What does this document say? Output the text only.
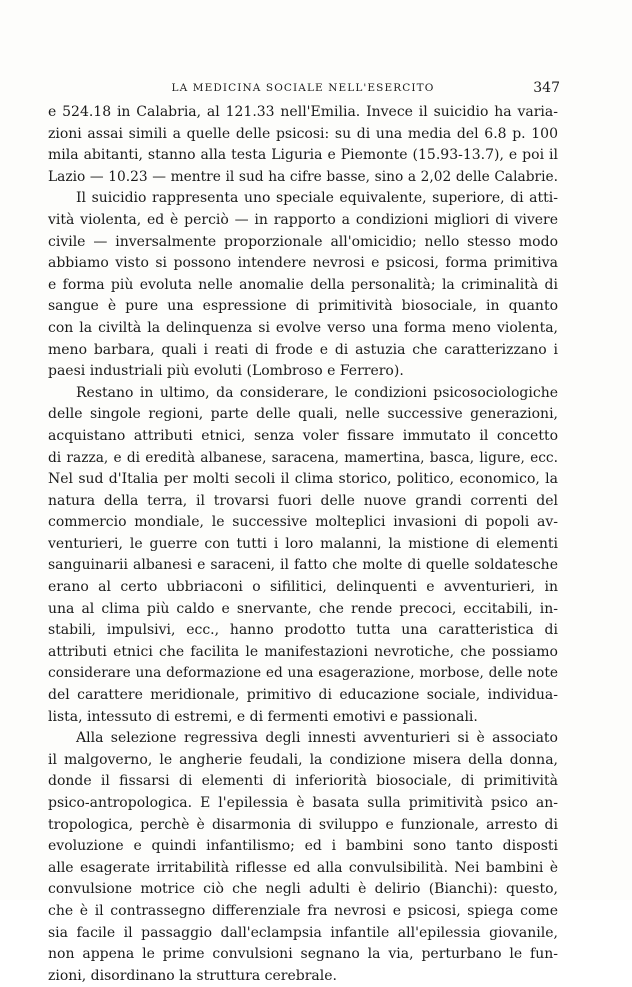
LA MEDICINA SOCIALE NELL'ESERCITO	347
e 524.18 in Calabria, al 121.33 nell'Emilia. Invece il suicidio ha varia-
zioni assai simili a quelle delle psicosi: su di una media del 6.8 p. 100
mila abitanti, stanno alla testa Liguria e Piemonte (15.93-13.7), e poi il
Lazio — 10.23 — mentre il sud ha cifre basse, sino a 2,02 delle Calabrie.
Il suicidio rappresenta uno speciale equivalente, superiore, di atti-
vità violenta, ed è perciò — in rapporto a condizioni migliori di vivere
civile — inversalmente proporzionale all'omicidio; nello stesso modo
abbiamo visto si possono intendere nevrosi e psicosi, forma primitiva
e forma più evoluta nelle anomalie della personalità; la criminalità di
sangue è pure una espressione di primitività biosociale, in quanto
con la civiltà la delinquenza si evolve verso una forma meno violenta,
meno barbara, quali i reati di frode e di astuzia che caratterizzano i
paesi industriali più evoluti (Lombroso e Ferrero).
Restano in ultimo, da considerare, le condizioni psicosociologiche
delle singole regioni, parte delle quali, nelle successive generazioni,
acquistano attributi etnici, senza voler fissare immutato il concetto
di razza, e di eredità albanese, saracena, mamertina, basca, ligure, ecc.
Nel sud d'Italia per molti secoli il clima storico, politico, economico, la
natura della terra, il trovarsi fuori delle nuove grandi correnti del
commercio mondiale, le successive molteplici invasioni di popoli av-
venturieri, le guerre con tutti i loro malanni, la mistione di elementi
sanguinarii albanesi e saraceni, il fatto che molte di quelle soldatesche
erano al certo ubbriaconi o sifilitici, delinquenti e avventurieri, in
una al clima più caldo e snervante, che rende precoci, eccitabili, in-
stabili, impulsivi, ecc., hanno prodotto tutta una caratteristica di
attributi etnici che facilita le manifestazioni nevrotiche, che possiamo
considerare una deformazione ed una esagerazione, morbose, delle note
del carattere meridionale, primitivo di educazione sociale, individua-
lista, intessuto di estremi, e di fermenti emotivi e passionali.
Alla selezione regressiva degli innesti avventurieri si è associato
il malgoverno, le angherie feudali, la condizione misera della donna,
donde il fissarsi di elementi di inferiorità biosociale, di primitività
psico-antropologica. E l'epilessia è basata sulla primitività psico an-
tropologica, perchè è disarmonia di sviluppo e funzionale, arresto di
evoluzione e quindi infantilismo; ed i bambini sono tanto disposti
alle esagerate irritabilità riflesse ed alla convulsibilità. Nei bambini è
convulsione motrice ciò che negli adulti è delirio (Bianchi): questo,
che è il contrassegno differenziale fra nevrosi e psicosi, spiega come
sia facile il passaggio dall'eclampsia infantile all'epilessia giovanile,
non appena le prime convulsioni segnano la via, perturbano le fun-
zioni, disordinano la struttura cerebrale.
